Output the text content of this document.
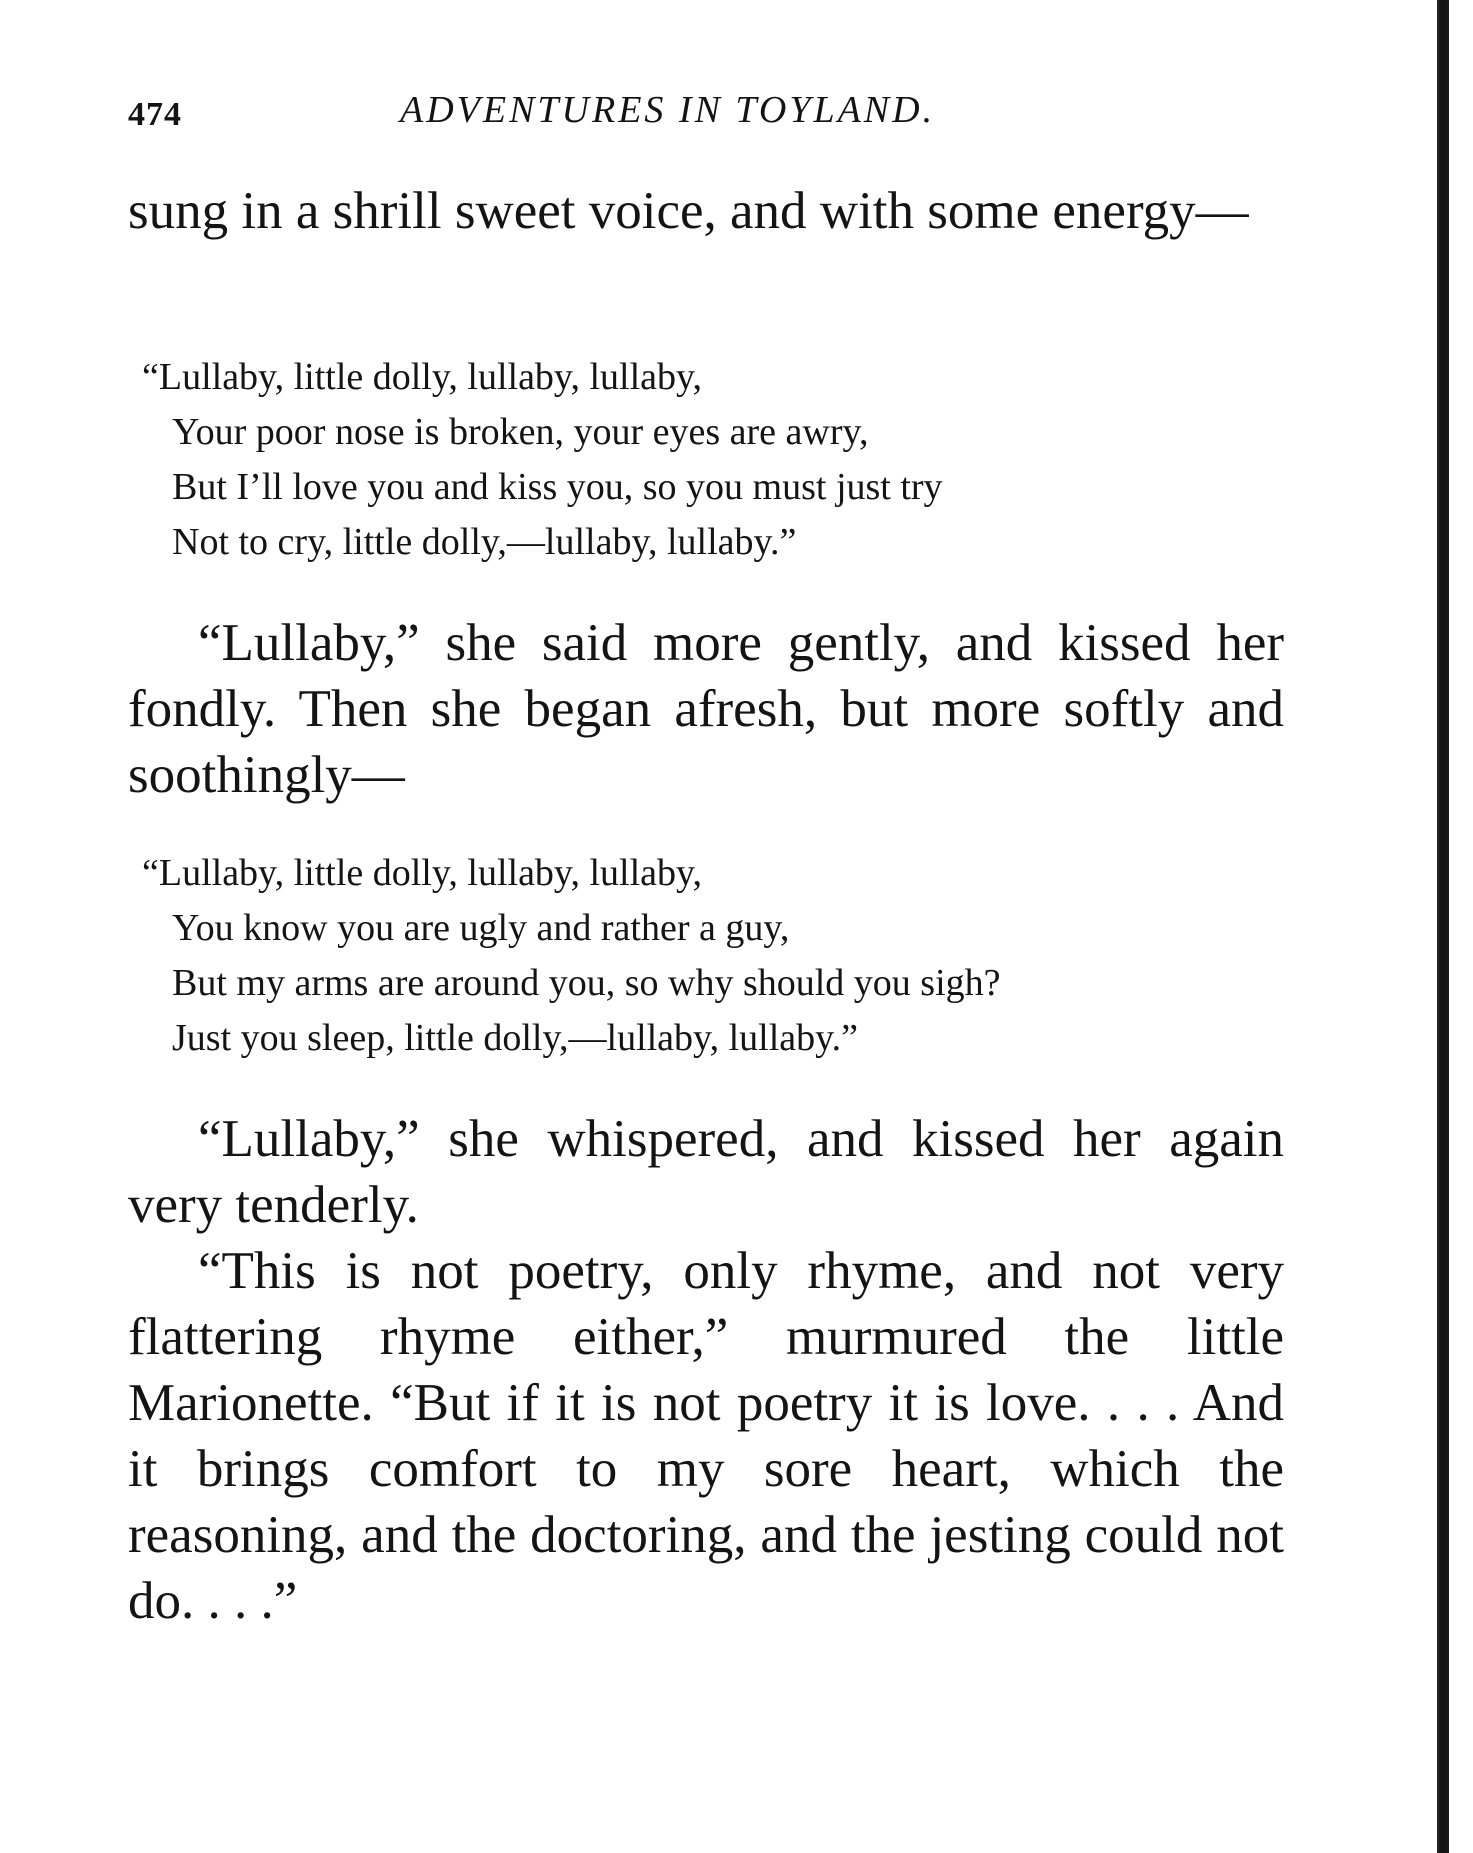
474	ADVENTURES IN TOYLAND.

sung in a shrill sweet voice, and with some energy—

“Lullaby, little dolly, lullaby, lullaby,
Your poor nose is broken, your eyes are awry,
But I’ll love you and kiss you, so you must just try
Not to cry, little dolly,—lullaby, lullaby.”

“Lullaby,” she said more gently, and kissed her fondly. Then she began afresh, but more softly and soothingly—

“Lullaby, little dolly, lullaby, lullaby,
You know you are ugly and rather a guy,
But my arms are around you, so why should you sigh?
Just you sleep, little dolly,—lullaby, lullaby.”

“Lullaby,” she whispered, and kissed her again very tenderly.

“This is not poetry, only rhyme, and not very flattering rhyme either,” murmured the little Marionette. “But if it is not poetry it is love. . . . And it brings comfort to my sore heart, which the reasoning, and the doctoring, and the jesting could not do. . . .”
